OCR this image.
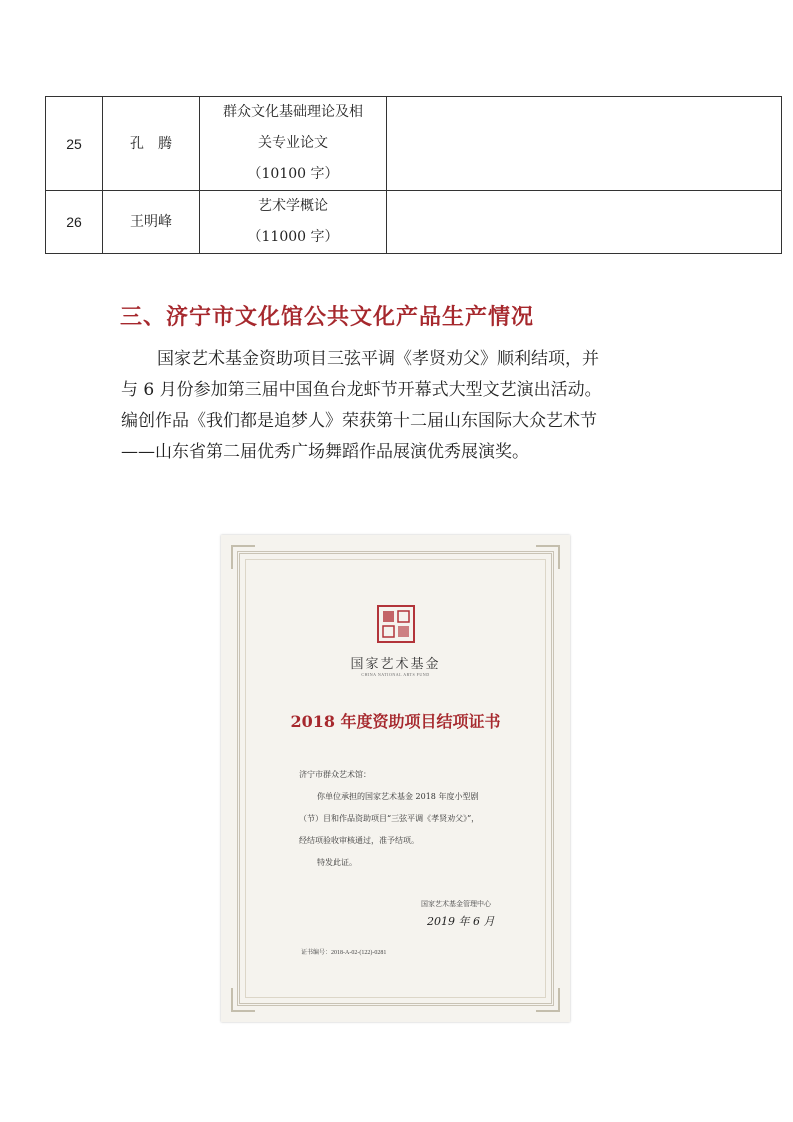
25	孔　腾	群众文化基础理论及相
关专业论文
（10100 字）	

26	王明峰	艺术学概论
（11000 字）	

三、济宁市文化馆公共文化产品生产情况

国家艺术基金资助项目三弦平调《孝贤劝父》顺利结项，并
与 6 月份参加第三届中国鱼台龙虾节开幕式大型文艺演出活动。
编创作品《我们都是追梦人》荣获第十二届山东国际大众艺术节
——山东省第二届优秀广场舞蹈作品展演优秀展演奖。

国家艺术基金

CHINA NATIONAL ARTS FUND

2018 年度资助项目结项证书

济宁市群众艺术馆：
你单位承担的国家艺术基金 2018 年度小型剧
（节）目和作品资助项目“三弦平调《孝贤劝父》”，
经结项验收审核通过，准予结项。
特发此证。

国家艺术基金管理中心

2019 年 6 月

证书编号：2018-A-02-(122)-0281
